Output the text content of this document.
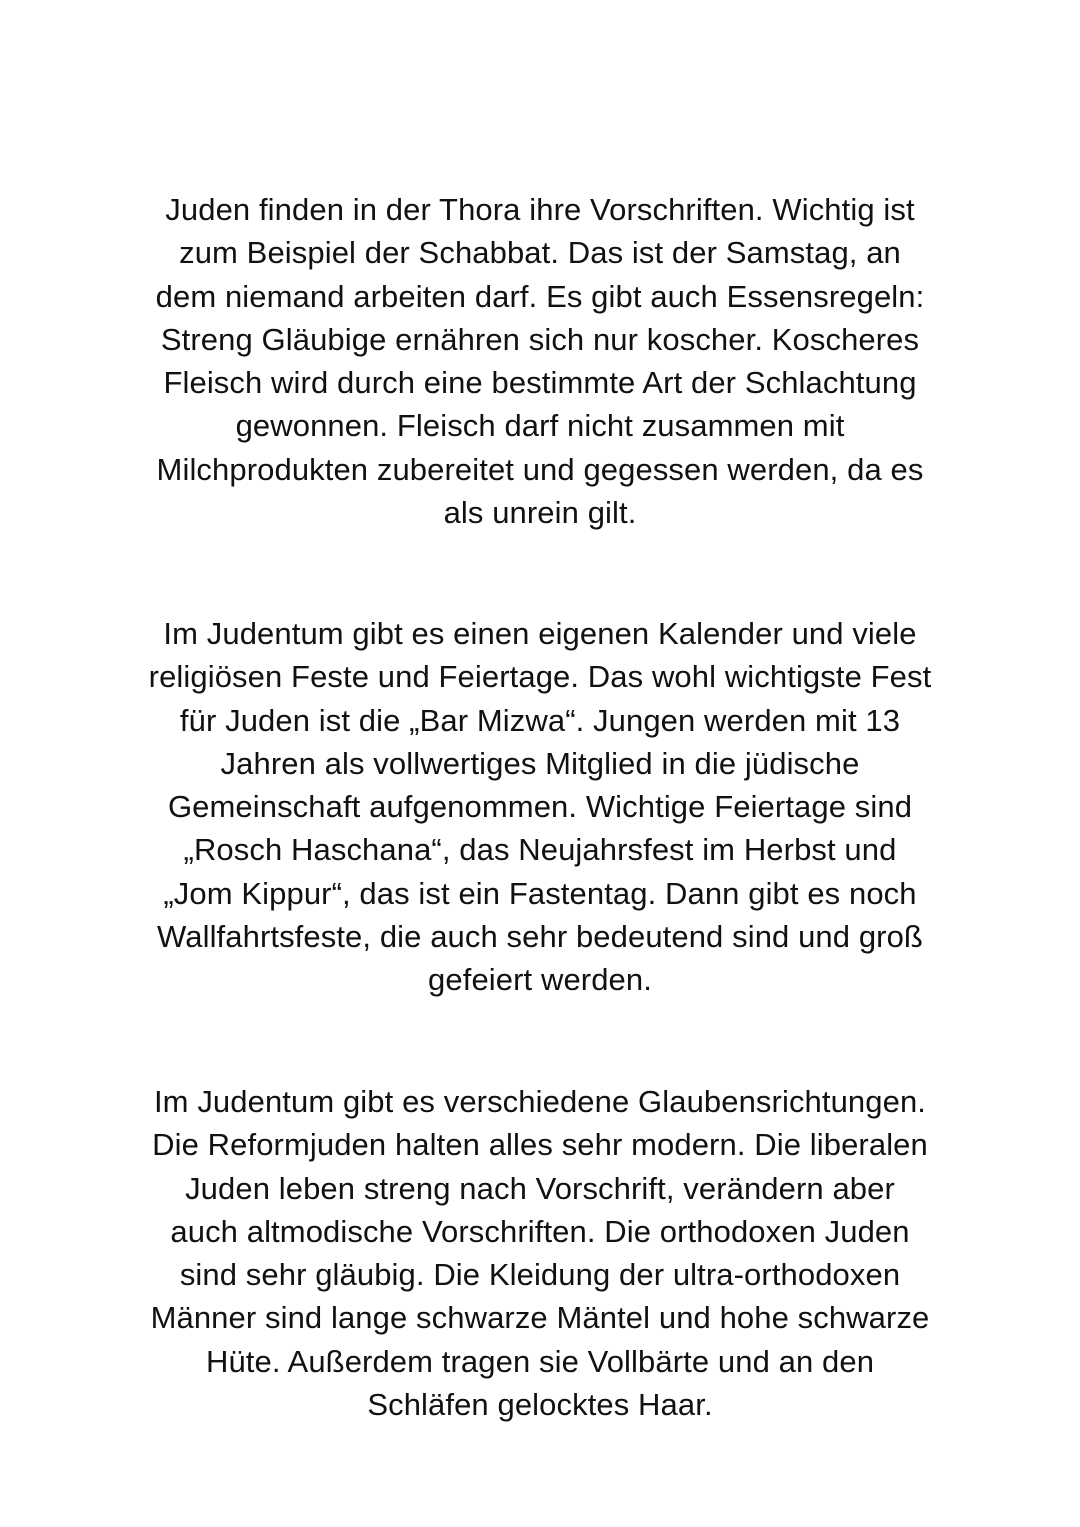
Juden finden in der Thora ihre Vorschriften. Wichtig ist
zum Beispiel der Schabbat. Das ist der Samstag, an
dem niemand arbeiten darf. Es gibt auch Essensregeln:
Streng Gläubige ernähren sich nur koscher. Koscheres
Fleisch wird durch eine bestimmte Art der Schlachtung
gewonnen. Fleisch darf nicht zusammen mit
Milchprodukten zubereitet und gegessen werden, da es
als unrein gilt.

Im Judentum gibt es einen eigenen Kalender und viele
religiösen Feste und Feiertage. Das wohl wichtigste Fest
für Juden ist die „Bar Mizwa“. Jungen werden mit 13
Jahren als vollwertiges Mitglied in die jüdische
Gemeinschaft aufgenommen. Wichtige Feiertage sind
„Rosch Haschana“, das Neujahrsfest im Herbst und
„Jom Kippur“, das ist ein Fastentag. Dann gibt es noch
Wallfahrtsfeste, die auch sehr bedeutend sind und groß
gefeiert werden.

Im Judentum gibt es verschiedene Glaubensrichtungen.
Die Reformjuden halten alles sehr modern. Die liberalen
Juden leben streng nach Vorschrift, verändern aber
auch altmodische Vorschriften. Die orthodoxen Juden
sind sehr gläubig. Die Kleidung der ultra-orthodoxen
Männer sind lange schwarze Mäntel und hohe schwarze
Hüte. Außerdem tragen sie Vollbärte und an den
Schläfen gelocktes Haar.
